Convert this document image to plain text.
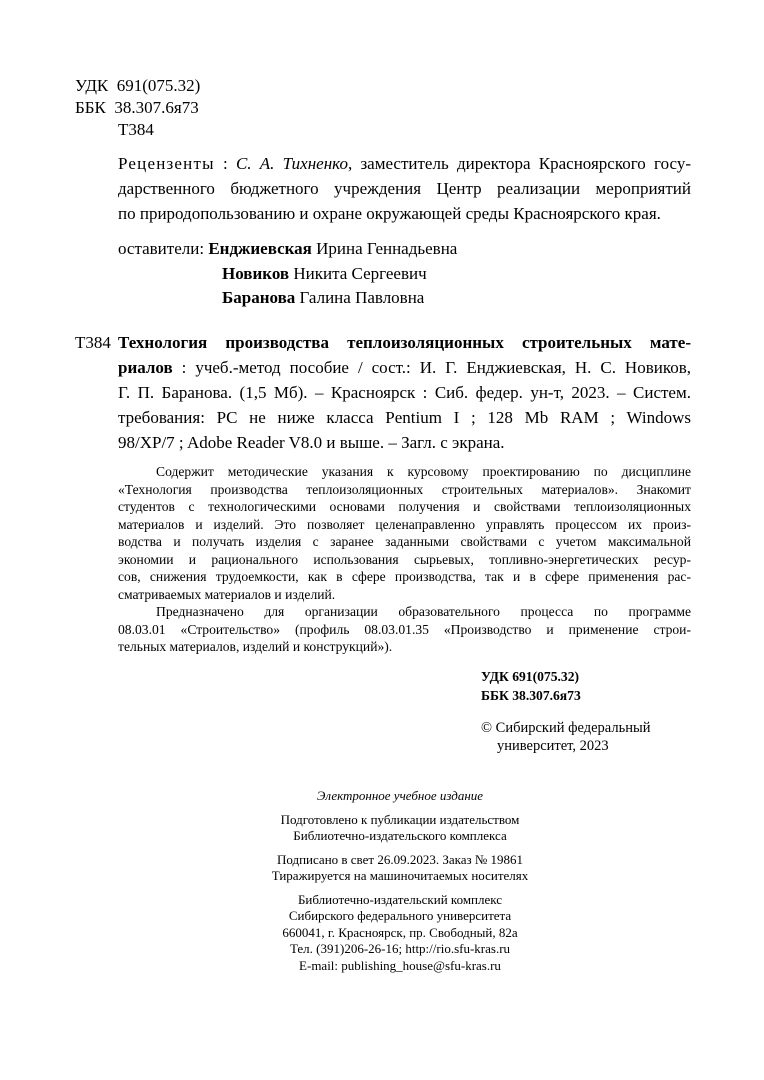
УДК 691(075.32)
ББК 38.307.6я73
Т384
Рецензенты : С. А. Тихненко, заместитель директора Красноярского госу-
дарственного бюджетного учреждения Центр реализации мероприятий
по природопользованию и охране окружающей среды Красноярского края.
оставители: Енджиевская Ирина Геннадьевна
Новиков Никита Сергеевич
Баранова Галина Павловна
Т384 Технология производства теплоизоляционных строительных мате-
риалов : учеб.-метод пособие / сост.: И. Г. Енджиевская, Н. С. Новиков,
Г. П. Баранова. (1,5 Мб). – Красноярск : Сиб. федер. ун-т, 2023. – Систем.
требования: PC не ниже класса Pentium I ; 128 Mb RAM ; Windows
98/XP/7 ; Adobe Reader V8.0 и выше. – Загл. с экрана.
Содержит методические указания к курсовому проектированию по дисциплине
«Технология производства теплоизоляционных строительных материалов». Знакомит
студентов с технологическими основами получения и свойствами теплоизоляционных
материалов и изделий. Это позволяет целенаправленно управлять процессом их произ-
водства и получать изделия с заранее заданными свойствами с учетом максимальной
экономии и рационального использования сырьевых, топливно-энергетических ресур-
сов, снижения трудоемкости, как в сфере производства, так и в сфере применения рас-
сматриваемых материалов и изделий.
Предназначено для организации образовательного процесса по программе
08.03.01 «Строительство» (профиль 08.03.01.35 «Производство и применение строи-
тельных материалов, изделий и конструкций»).
УДК 691(075.32)
ББК 38.307.6я73
© Сибирский федеральный
университет, 2023
Электронное учебное издание
Подготовлено к публикации издательством
Библиотечно-издательского комплекса
Подписано в свет 26.09.2023. Заказ № 19861
Тиражируется на машиночитаемых носителях
Библиотечно-издательский комплекс
Сибирского федерального университета
660041, г. Красноярск, пр. Свободный, 82а
Тел. (391)206-26-16; http://rio.sfu-kras.ru
E-mail: publishing_house@sfu-kras.ru
